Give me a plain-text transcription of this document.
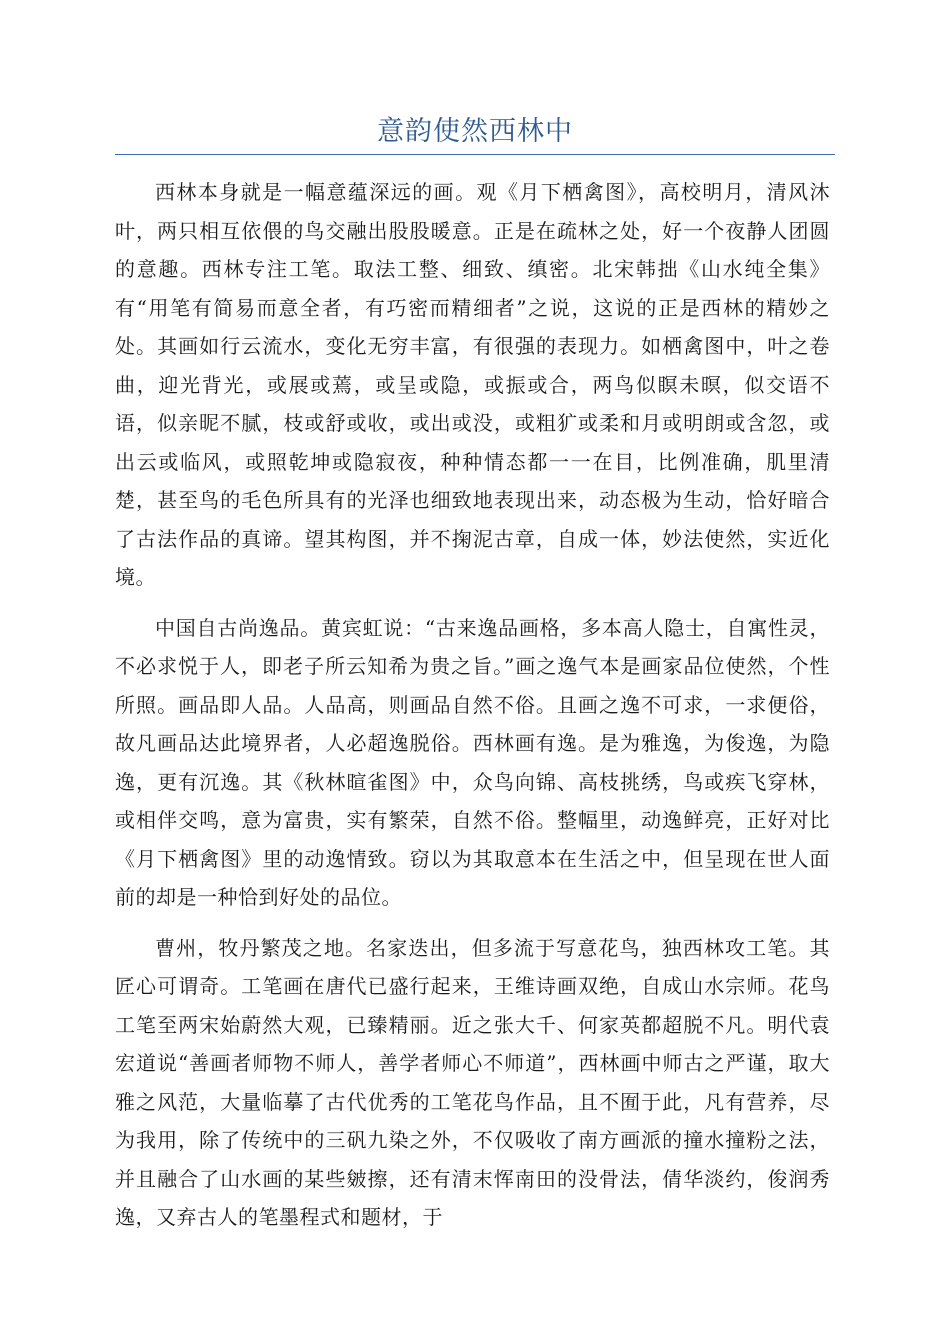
意韵使然西林中

西林本身就是一幅意蕴深远的画。观《月下栖禽图》，高校明月，清风沐叶，两只相互依偎的鸟交融出股股暖意。正是在疏林之处，好一个夜静人团圆的意趣。西林专注工笔。取法工整、细致、缜密。北宋韩拙《山水纯全集》有“用笔有简易而意全者，有巧密而精细者”之说，这说的正是西林的精妙之处。其画如行云流水，变化无穷丰富，有很强的表现力。如栖禽图中，叶之卷曲，迎光背光，或展或蔫，或呈或隐，或振或合，两鸟似瞑未暝，似交语不语，似亲昵不腻，枝或舒或收，或出或没，或粗犷或柔和月或明朗或含忽，或出云或临风，或照乾坤或隐寂夜，种种情态都一一在目，比例准确，肌里清楚，甚至鸟的毛色所具有的光泽也细致地表现出来，动态极为生动，恰好暗合了古法作品的真谛。望其构图，并不掬泥古章，自成一体，妙法使然，实近化境。

中国自古尚逸品。黄宾虹说：“古来逸品画格，多本高人隐士，自寓性灵，不必求悦于人，即老子所云知希为贵之旨。”画之逸气本是画家品位使然，个性所照。画品即人品。人品高，则画品自然不俗。且画之逸不可求，一求便俗，故凡画品达此境界者，人必超逸脱俗。西林画有逸。是为雅逸，为俊逸，为隐逸，更有沉逸。其《秋林暄雀图》中，众鸟向锦、高枝挑绣，鸟或疾飞穿林，或相伴交鸣，意为富贵，实有繁荣，自然不俗。整幅里，动逸鲜亮，正好对比《月下栖禽图》里的动逸情致。窃以为其取意本在生活之中，但呈现在世人面前的却是一种恰到好处的品位。

曹州，牧丹繁茂之地。名家迭出，但多流于写意花鸟，独西林攻工笔。其匠心可谓奇。工笔画在唐代已盛行起来，王维诗画双绝，自成山水宗师。花鸟工笔至两宋始蔚然大观，已臻精丽。近之张大千、何家英都超脱不凡。明代袁宏道说“善画者师物不师人，善学者师心不师道”，西林画中师古之严谨，取大雅之风范，大量临摹了古代优秀的工笔花鸟作品，且不囿于此，凡有营养，尽为我用，除了传统中的三矾九染之外，不仅吸收了南方画派的撞水撞粉之法，并且融合了山水画的某些皴擦，还有清末恽南田的没骨法，倩华淡约，俊润秀逸，又弃古人的笔墨程式和题材，于
